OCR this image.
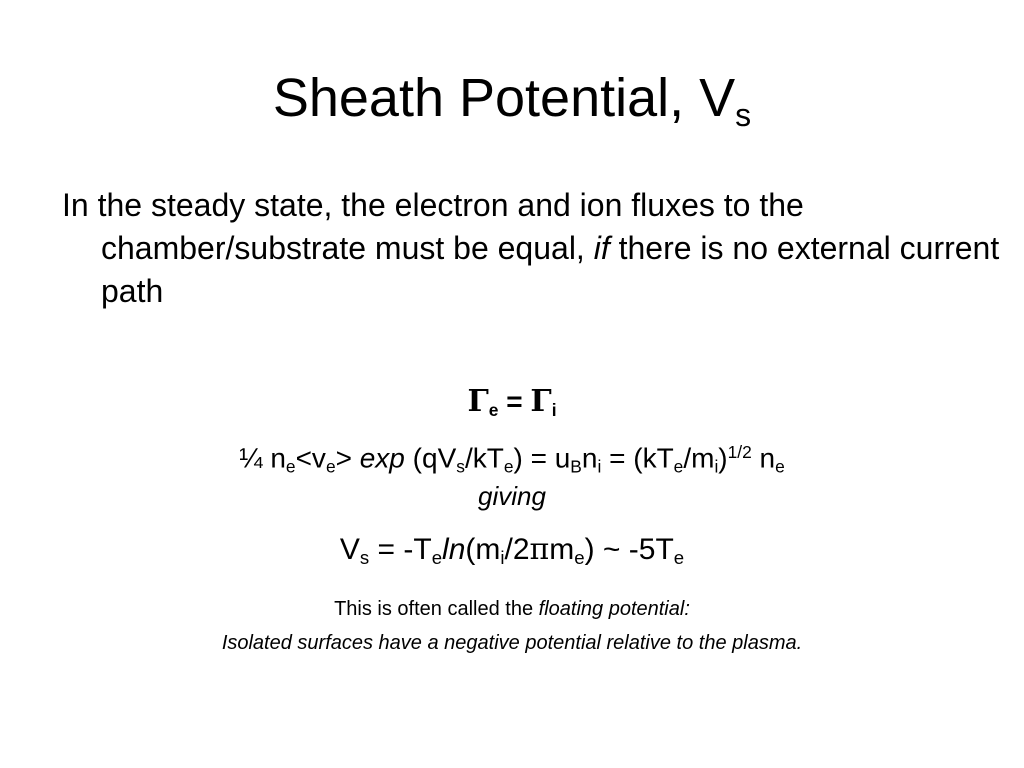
Sheath Potential, $V_s$
In the steady state, the electron and ion fluxes to the chamber/substrate must be equal, if there is no external current path
$\Gamma_e = \Gamma_i$
¼ $n_e<v_e> \exp (qV_s/kT_e) = u_Bn_i = (kT_e/m_i)^{1/2}$ $n_e$
giving
$V_s = -T_e\ln(m_i/2\pi m_e)$ ~ $-5T_e$
This is often called the floating potential:
Isolated surfaces have a negative potential relative to the plasma.
